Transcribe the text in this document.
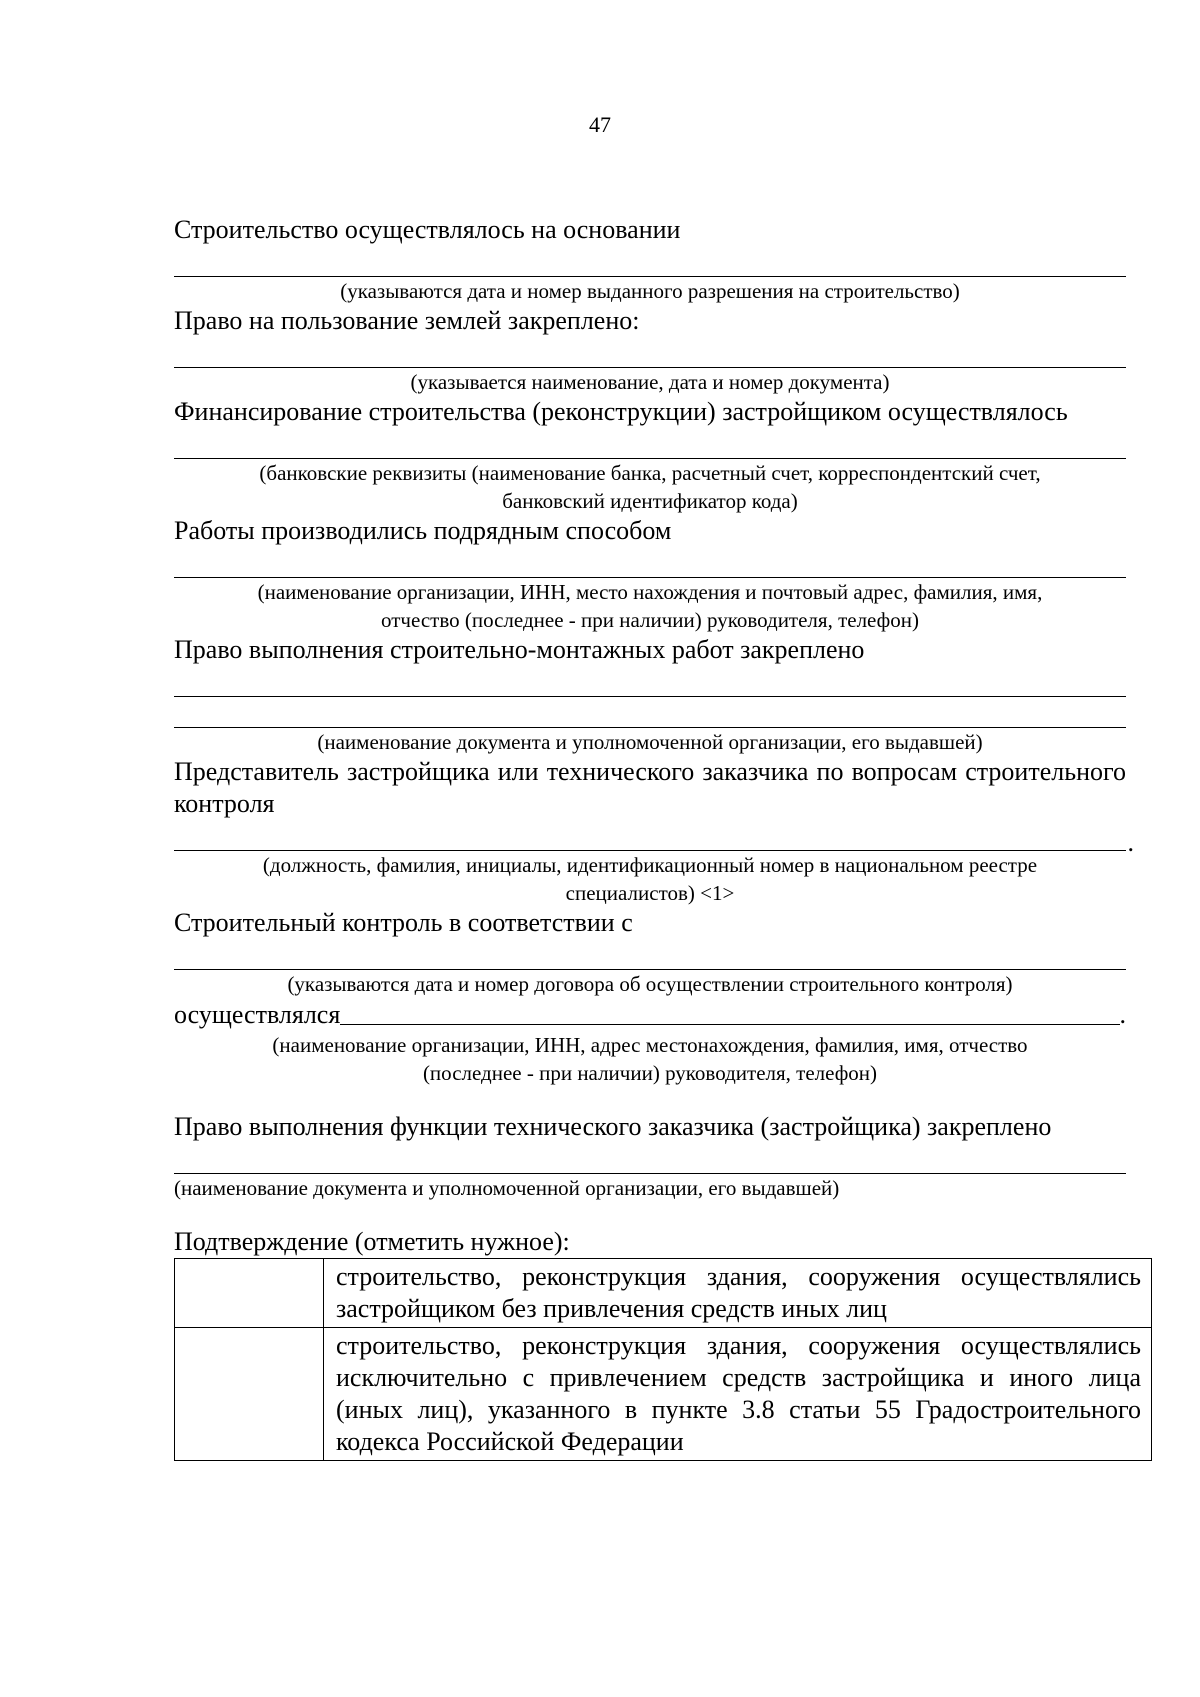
47

Строительство осуществлялось на основании

(указываются дата и номер выданного разрешения на строительство)

Право на пользование землей закреплено:

(указывается наименование, дата и номер документа)

Финансирование строительства (реконструкции) застройщиком осуществлялось

(банковские реквизиты (наименование банка, расчетный счет, корреспондентский счет,

банковский идентификатор кода)

Работы производились подрядным способом

(наименование организации, ИНН, место нахождения и почтовый адрес, фамилия, имя,

отчество (последнее - при наличии) руководителя, телефон)

Право выполнения строительно-монтажных работ закреплено

(наименование документа и уполномоченной организации, его выдавшей)

Представитель застройщика или технического заказчика по вопросам строительного контроля

.

(должность, фамилия, инициалы, идентификационный номер в национальном реестре

специалистов) <1>

Строительный контроль в соответствии с

(указываются дата и номер договора об осуществлении строительного контроля)

осуществлялся	.

(наименование организации, ИНН, адрес местонахождения, фамилия, имя, отчество

(последнее - при наличии) руководителя, телефон)

Право выполнения функции технического заказчика (застройщика) закреплено

(наименование документа и уполномоченной организации, его выдавшей)

Подтверждение (отметить нужное):

	строительство, реконструкция здания, сооружения осуществлялись застройщиком без привлечения средств иных лиц
	строительство, реконструкция здания, сооружения осуществлялись исключительно с привлечением средств застройщика и иного лица (иных лиц), указанного в пункте 3.8 статьи 55 Градостроительного кодекса Российской Федерации
